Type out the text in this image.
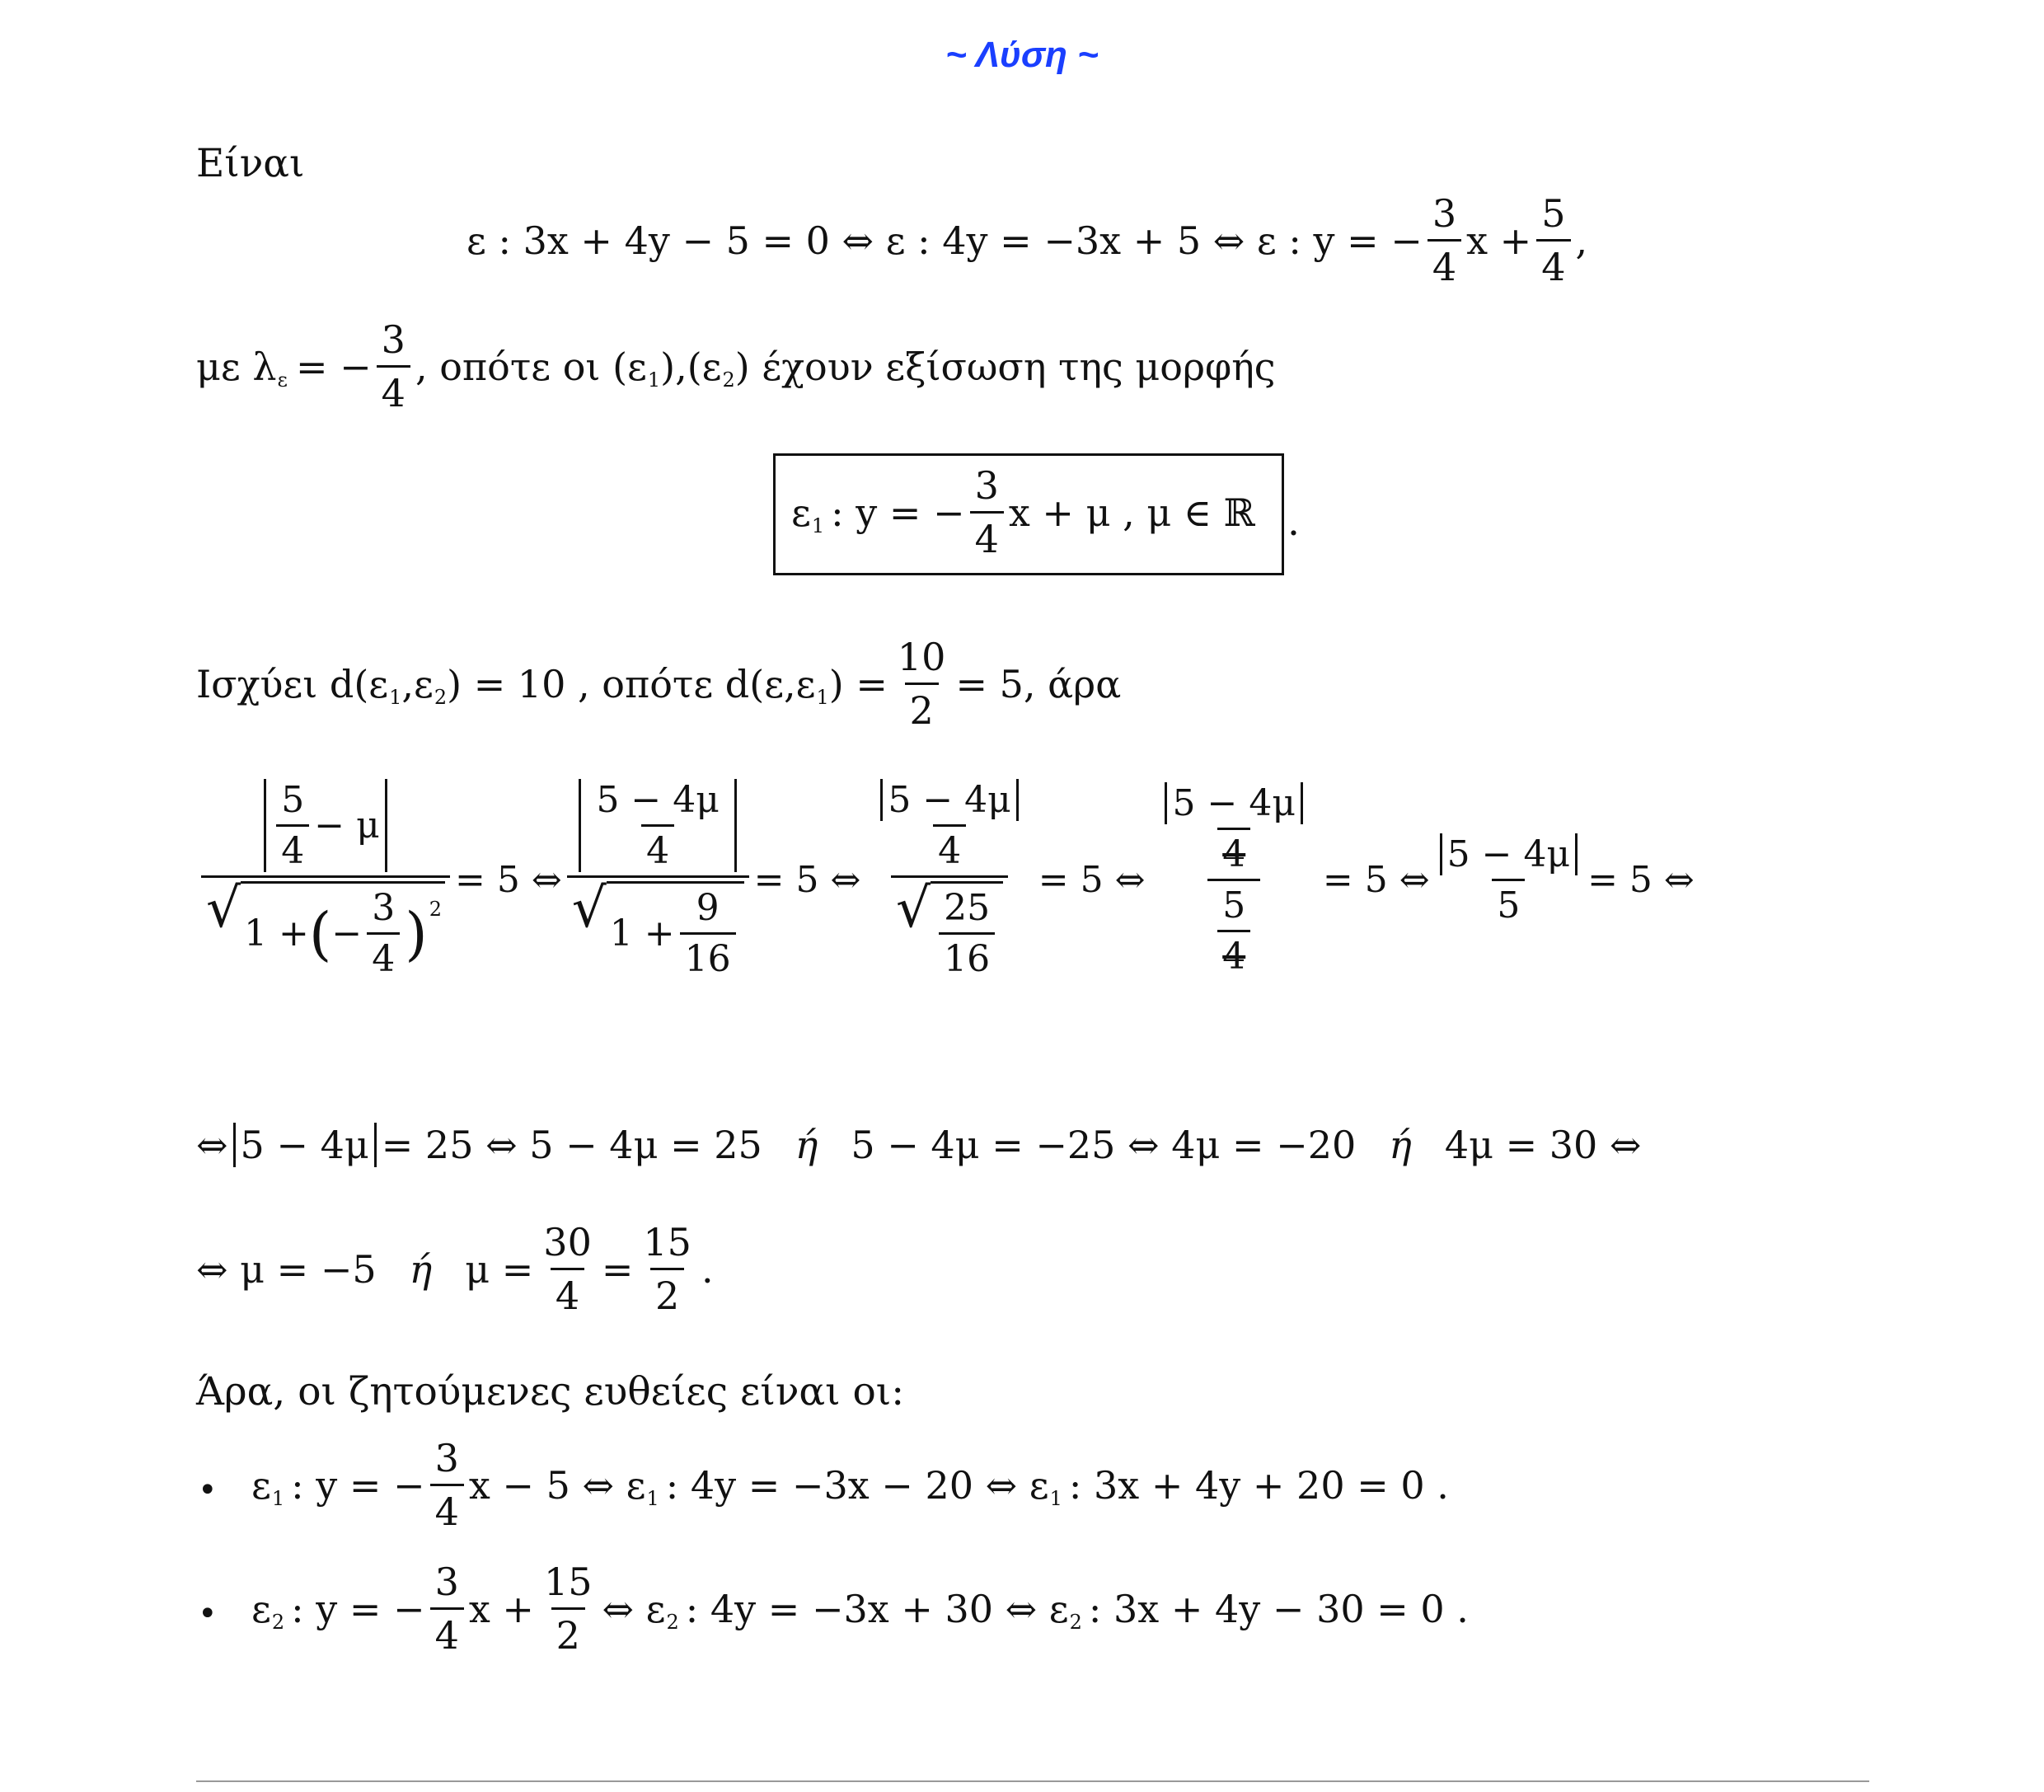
~ Λύση ~
Είναι
ε : 3x + 4y − 5 = 0 ⇔ ε : 4y = −3x + 5 ⇔ ε : y = − $\frac{3}{4}$ $x + \frac{5}{4}$ ,
με λ ε = − $\frac{3}{4}$ , οπότε οι (ε 1 ),(ε 2 ) έχουν εξίσωση της μορφής
ε 1 : y = − $\frac{3}{4}$ x + μ , μ ∈ ℝ .
Ισχύει d(ε 1 ,ε 2 ) = 10 , οπότε d(ε,ε 1 ) = $\frac{10}{2} = 5$, άρα
$\frac{\frac{5}{4} - \mu}{√ 1 + ( - \frac{3}{4} ) 2} = 5$ ⇔ $\frac{\frac{5 - 4\mu}{4}}{√ 1 + \frac{9}{16}} = 5$ ⇔ $\frac{\frac{5 - 4\mu}{4}}{√ \frac{25}{16}} = 5$ ⇔ $\frac{\frac{5 - 4\mu}{4}}{\frac{5}{4}} = 5$ ⇔ $\frac{5 - 4\mu}{5} = 5$ ⇔
⇔ 5 − 4μ = 25 ⇔ 5 − 4μ = 25 ή 5 − 4μ = −25 ⇔ 4μ = −20 ή 4μ = 30 ⇔
⇔ μ = −5 ή $\mu = \frac{30}{4} = \frac{15}{2}$ .
Άρα, οι ζητούμενες ευθείες είναι οι:
• ε 1 : y = − $\frac{3}{4}$ x − 5 ⇔ ε 1 : 4y = −3x − 20 ⇔ ε 1 : 3x + 4y + 20 = 0 .
• ε 2 : y = − $\frac{3}{4}$ $x + \frac{15}{2}$ ⇔ ε 2 : 4y = −3x + 30 ⇔ ε 2 : 3x + 4y − 30 = 0 .
